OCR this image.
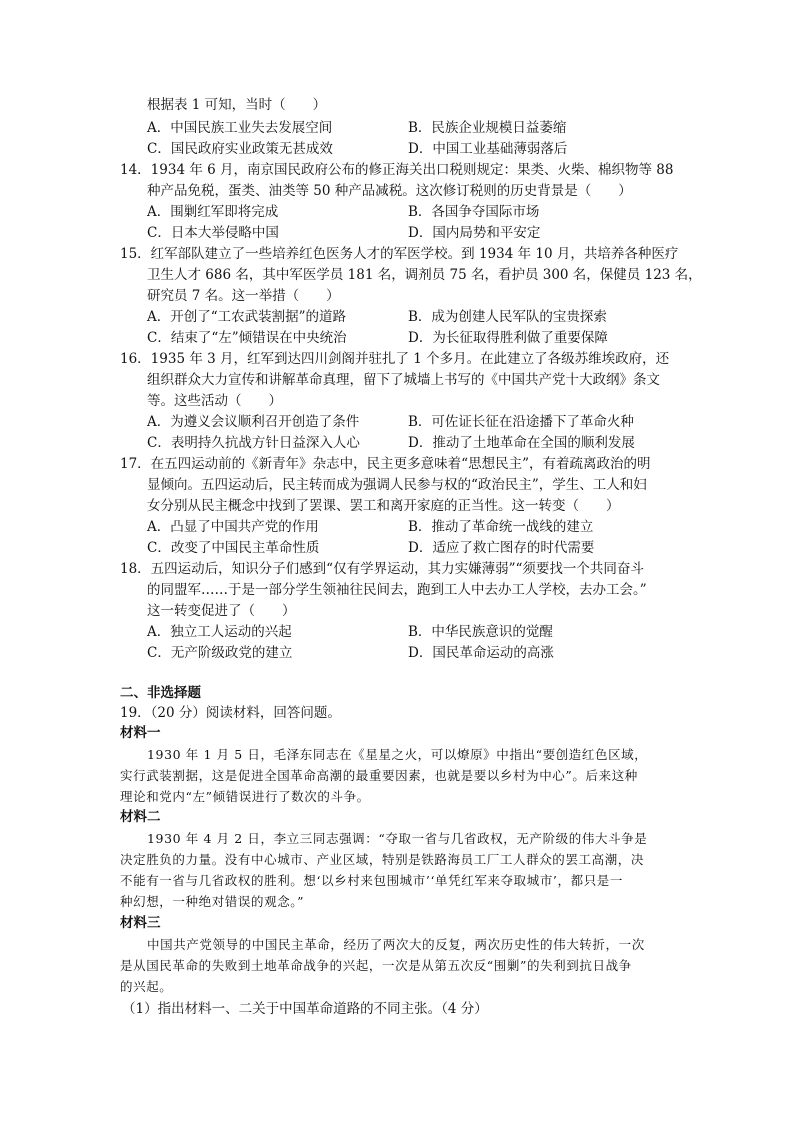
根据表 1 可知，当时（　　）
A．中国民族工业失去发展空间	B．民族企业规模日益萎缩
C．国民政府实业政策无甚成效	D．中国工业基础薄弱落后
14．1934 年 6 月，南京国民政府公布的修正海关出口税则规定：果类、火柴、棉织物等 88
种产品免税，蛋类、油类等 50 种产品减税。这次修订税则的历史背景是（　　）
A．围剿红军即将完成	B．各国争夺国际市场
C．日本大举侵略中国	D．国内局势和平安定
15．红军部队建立了一些培养红色医务人才的军医学校。到 1934 年 10 月，共培养各种医疗
卫生人才 686 名，其中军医学员 181 名，调剂员 75 名，看护员 300 名，保健员 123 名，
研究员 7 名。这一举措（　　）
A．开创了“工农武装割据”的道路	B．成为创建人民军队的宝贵探索
C．结束了“左”倾错误在中央统治	D．为长征取得胜利做了重要保障
16．1935 年 3 月，红军到达四川剑阁并驻扎了 1 个多月。在此建立了各级苏维埃政府，还
组织群众大力宣传和讲解革命真理，留下了城墙上书写的《中国共产党十大政纲》条文
等。这些活动（　　）
A．为遵义会议顺利召开创造了条件	B．可佐证长征在沿途播下了革命火种
C．表明持久抗战方针日益深入人心	D．推动了土地革命在全国的顺利发展
17．在五四运动前的《新青年》杂志中，民主更多意味着“思想民主”，有着疏离政治的明
显倾向。五四运动后，民主转而成为强调人民参与权的“政治民主”，学生、工人和妇
女分别从民主概念中找到了罢课、罢工和离开家庭的正当性。这一转变（　　）
A．凸显了中国共产党的作用	B．推动了革命统一战线的建立
C．改变了中国民主革命性质	D．适应了救亡图存的时代需要
18．五四运动后，知识分子们感到“仅有学界运动，其力实嫌薄弱”“须要找一个共同奋斗
的同盟军……于是一部分学生领袖往民间去，跑到工人中去办工人学校，去办工会。”
这一转变促进了（　　）
A．独立工人运动的兴起	B．中华民族意识的觉醒
C．无产阶级政党的建立	D．国民革命运动的高涨
二、非选择题
19．（20 分）阅读材料，回答问题。
材料一
1930 年 1 月 5 日，毛泽东同志在《星星之火，可以燎原》中指出“要创造红色区域，
实行武装割据，这是促进全国革命高潮的最重要因素，也就是要以乡村为中心”。后来这种
理论和党内“左”倾错误进行了数次的斗争。
材料二
1930 年 4 月 2 日，李立三同志强调：“夺取一省与几省政权，无产阶级的伟大斗争是
决定胜负的力量。没有中心城市、产业区域，特别是铁路海员工厂工人群众的罢工高潮，决
不能有一省与几省政权的胜利。想‘以乡村来包围城市’‘单凭红军来夺取城市’，都只是一
种幻想，一种绝对错误的观念。”
材料三
中国共产党领导的中国民主革命，经历了两次大的反复，两次历史性的伟大转折，一次
是从国民革命的失败到土地革命战争的兴起，一次是从第五次反“围剿”的失利到抗日战争
的兴起。
（1）指出材料一、二关于中国革命道路的不同主张。（4 分）
